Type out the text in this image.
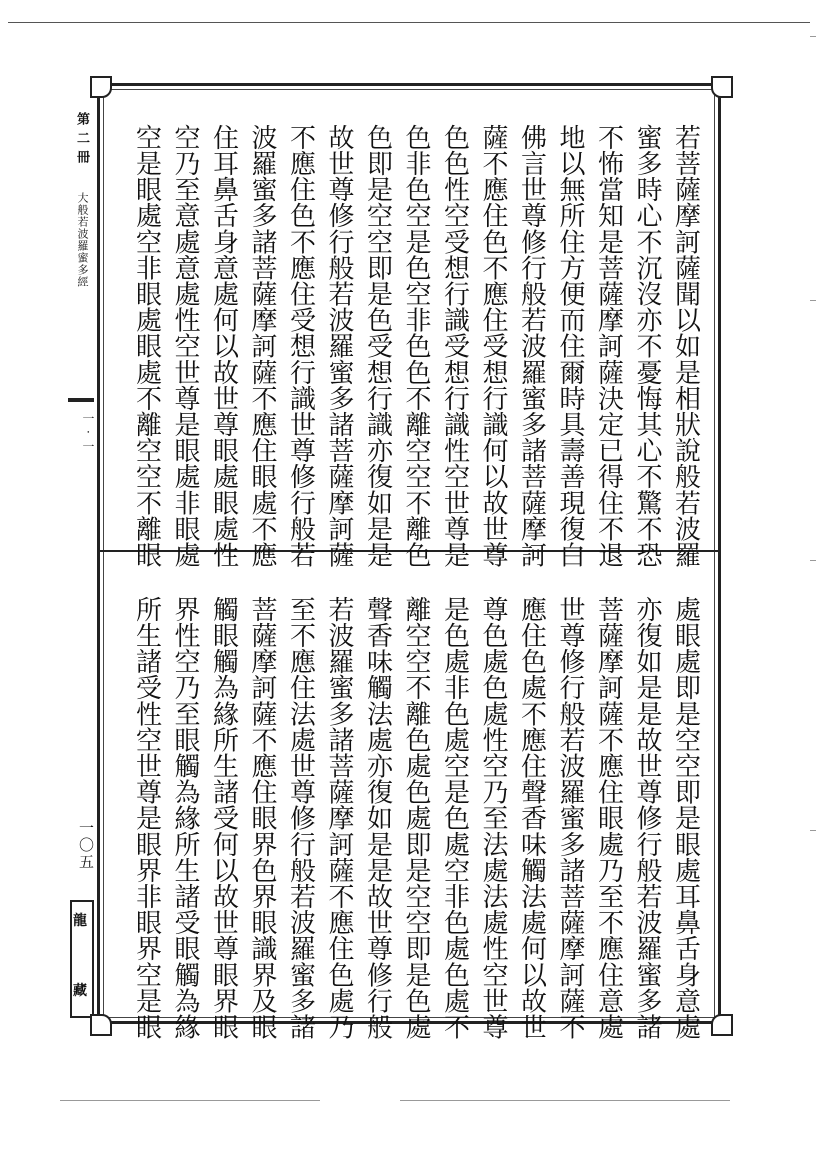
第二冊
大般若波羅蜜多經
一·一
一〇五
龍
藏
若菩薩摩訶薩聞以如是相狀說般若波羅
蜜多時心不沉沒亦不憂悔其心不驚不恐
不怖當知是菩薩摩訶薩決定已得住不退
地以無所住方便而住爾時具壽善現復白
佛言世尊修行般若波羅蜜多諸菩薩摩訶
薩不應住色不應住受想行識何以故世尊
色色性空受想行識受想行識性空世尊是
色非色空是色空非色色不離空空不離色
色即是空空即是色受想行識亦復如是是
故世尊修行般若波羅蜜多諸菩薩摩訶薩
不應住色不應住受想行識世尊修行般若
波羅蜜多諸菩薩摩訶薩不應住眼處不應
住耳鼻舌身意處何以故世尊眼處眼處性
空乃至意處意處性空世尊是眼處非眼處
空是眼處空非眼處眼處不離空空不離眼
處眼處即是空空即是眼處耳鼻舌身意處
亦復如是是故世尊修行般若波羅蜜多諸
菩薩摩訶薩不應住眼處乃至不應住意處
世尊修行般若波羅蜜多諸菩薩摩訶薩不
應住色處不應住聲香味觸法處何以故世
尊色處色處性空乃至法處法處性空世尊
是色處非色處空是色處空非色處色處不
離空空不離色處色處即是空空即是色處
聲香味觸法處亦復如是是故世尊修行般
若波羅蜜多諸菩薩摩訶薩不應住色處乃
至不應住法處世尊修行般若波羅蜜多諸
菩薩摩訶薩不應住眼界色界眼識界及眼
觸眼觸為緣所生諸受何以故世尊眼界眼
界性空乃至眼觸為緣所生諸受眼觸為緣
所生諸受性空世尊是眼界非眼界空是眼
